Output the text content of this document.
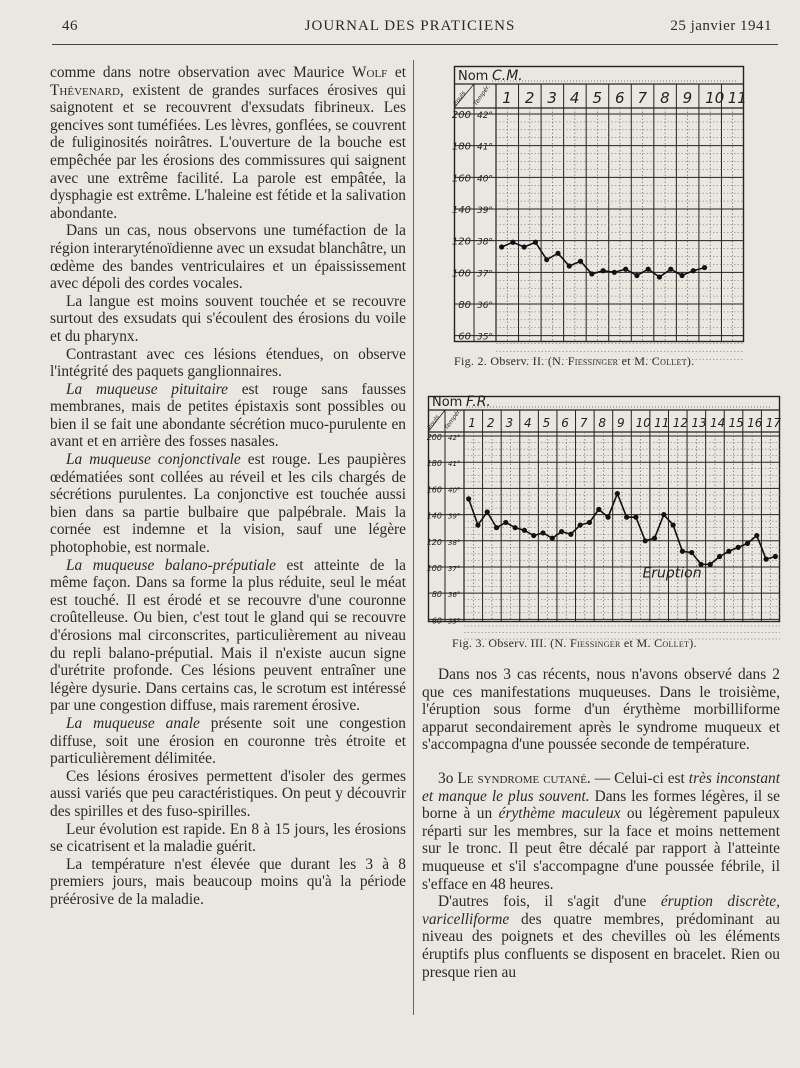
46	JOURNAL DES PRATICIENS	25 janvier 1941

comme dans notre observation avec Maurice Wolf et Thévenard, existent de grandes surfaces érosives qui saignotent et se recouvrent d'exsudats fibrineux. Les gencives sont tuméfiées. Les lèvres, gonflées, se couvrent de fuliginosités noirâtres. L'ouverture de la bouche est empêchée par les érosions des commissures qui saignent avec une extrême facilité. La parole est empâtée, la dysphagie est extrême. L'haleine est fétide et la salivation abondante.

Dans un cas, nous observons une tuméfaction de la région interaryténoïdienne avec un exsudat blanchâtre, un œdème des bandes ventriculaires et un épaississement avec dépoli des cordes vocales.

La langue est moins souvent touchée et se recouvre surtout des exsudats qui s'écoulent des érosions du voile et du pharynx.

Contrastant avec ces lésions étendues, on observe l'intégrité des paquets ganglionnaires.

La muqueuse pituitaire est rouge sans fausses membranes, mais de petites épistaxis sont possibles ou bien il se fait une abondante sécrétion muco-purulente en avant et en arrière des fosses nasales.

La muqueuse conjonctivale est rouge. Les paupières œdématiées sont collées au réveil et les cils chargés de sécrétions purulentes. La conjonctive est touchée aussi bien dans sa partie bulbaire que palpébrale. Mais la cornée est indemne et la vision, sauf une légère photophobie, est normale.

La muqueuse balano-préputiale est atteinte de la même façon. Dans sa forme la plus réduite, seul le méat est touché. Il est érodé et se recouvre d'une couronne croûtelleuse. Ou bien, c'est tout le gland qui se recouvre d'érosions mal circonscrites, particulièrement au niveau du repli balano-préputial. Mais il n'existe aucun signe d'urétrite profonde. Ces lésions peuvent entraîner une légère dysurie. Dans certains cas, le scrotum est intéressé par une congestion diffuse, mais rarement érosive.

La muqueuse anale présente soit une congestion diffuse, soit une érosion en couronne très étroite et particulièrement délimitée.

Ces lésions érosives permettent d'isoler des germes aussi variés que peu caractéristiques. On peut y découvrir des spirilles et des fuso-spirilles.

Leur évolution est rapide. En 8 à 15 jours, les érosions se cicatrisent et la maladie guérit.

La température n'est élevée que durant les 3 à 8 premiers jours, mais beaucoup moins qu'à la période préérosive de la maladie.

Nom C.M.
Pouls Tempér. 1 2 3 4 5 6 7 8 9 10 11
200 42°
180 41°
160 40°
140 39°
120 38°
100 37°
80 36°
60 35°
Fig. 2. Observ. II. (N. Fiessinger et M. Collet).
Nom F.R.
Pouls Tempér. 1 2 3 4 5 6 7 8 9 10 11 12 13 14 15 16 17
200 42°
180 41°
160 40°
140 39°
120 38°
100 37°
80 36°
60 35°
Eruption
Fig. 3. Observ. III. (N. Fiessinger et M. Collet).

Dans nos 3 cas récents, nous n'avons observé dans 2 que ces manifestations muqueuses. Dans le troisième, l'éruption sous forme d'un érythème morbilliforme apparut secondairement après le syndrome muqueux et s'accompagna d'une poussée seconde de température.

3o Le syndrome cutané. — Celui-ci est très inconstant et manque le plus souvent. Dans les formes légères, il se borne à un érythème maculeux ou légèrement papuleux réparti sur les membres, sur la face et moins nettement sur le tronc. Il peut être décalé par rapport à l'atteinte muqueuse et s'il s'accompagne d'une poussée fébrile, il s'efface en 48 heures.

D'autres fois, il s'agit d'une éruption discrète, varicelliforme des quatre membres, prédominant au niveau des poignets et des chevilles où les éléments éruptifs plus confluents se disposent en bracelet. Rien ou presque rien au
